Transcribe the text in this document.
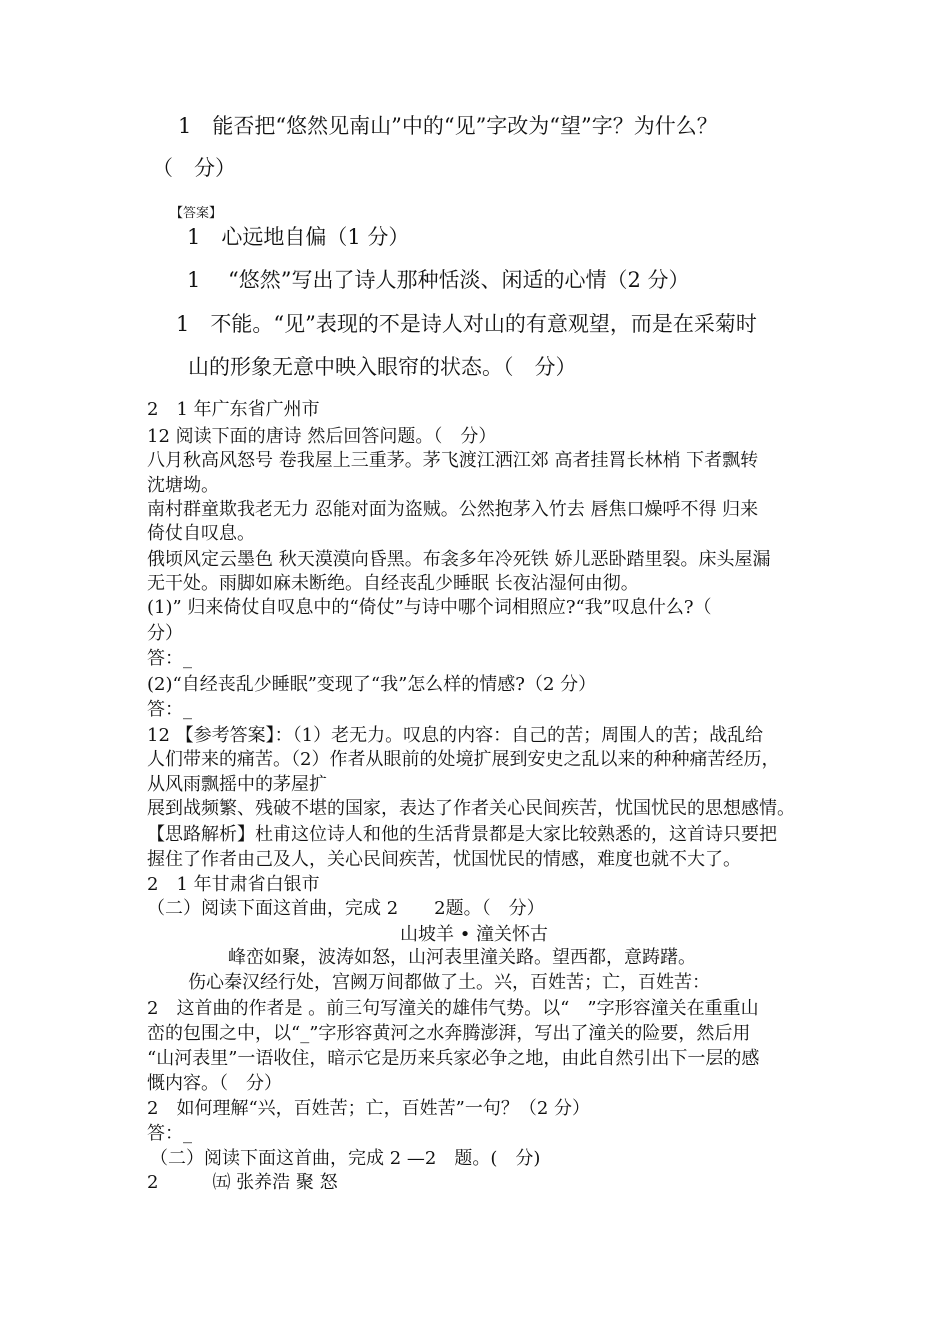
1　能否把“悠然见南山”中的“见”字改为“望”字？为什么？
（　分）
【答案】
1　心远地自偏（1 分）
1　 “悠然”写出了诗人那种恬淡、闲适的心情（2 分）
1　不能。“见”表现的不是诗人对山的有意观望，而是在采菊时
山的形象无意中映入眼帘的状态。（　分）
2　1 年广东省广州市
12 阅读下面的唐诗 然后回答问题。（　分）
八月秋高风怒号 卷我屋上三重茅。茅飞渡江洒江郊 高者挂罥长林梢 下者飘转
沈塘坳。
南村群童欺我老无力 忍能对面为盗贼。公然抱茅入竹去 唇焦口燥呼不得 归来
倚仗自叹息。
俄顷风定云墨色 秋天漠漠向昏黑。布衾多年冷死铁 娇儿恶卧踏里裂。床头屋漏
无干处。雨脚如麻未断绝。自经丧乱少睡眠 长夜沾湿何由彻。
(1)” 归来倚仗自叹息中的“倚仗”与诗中哪个词相照应?“我”叹息什么?（
分）
答：_
(2)“自经丧乱少睡眠”变现了“我”怎么样的情感?（2 分）
答：_
12 【参考答案】：（1）老无力。叹息的内容：自己的苦；周围人的苦；战乱给
人们带来的痛苦。（2）作者从眼前的处境扩展到安史之乱以来的种种痛苦经历，
从风雨飘摇中的茅屋扩
展到战频繁、残破不堪的国家，表达了作者关心民间疾苦，忧国忧民的思想感情。
【思路解析】杜甫这位诗人和他的生活背景都是大家比较熟悉的，这首诗只要把
握住了作者由己及人，关心民间疾苦，忧国忧民的情感，难度也就不大了。
2　1 年甘肃省白银市
（二）阅读下面这首曲，完成 2　　2题。（　分）
山坡羊 • 潼关怀古
峰峦如聚，波涛如怒，山河表里潼关路。望西都，意踌躇。
伤心秦汉经行处，宫阙万间都做了土。兴，百姓苦；亡，百姓苦：
2　这首曲的作者是 。前三句写潼关的雄伟气势。以“　”字形容潼关在重重山
峦的包围之中，以“_”字形容黄河之水奔腾澎湃，写出了潼关的险要，然后用
“山河表里”一语收住，暗示它是历来兵家必争之地，由此自然引出下一层的感
慨内容。（　分）
2　如何理解“兴，百姓苦；亡，百姓苦”一句？（2 分）
答：_
（二）阅读下面这首曲，完成 2 —2　题。(　分)
2　　　㈤ 张养浩 聚 怒
